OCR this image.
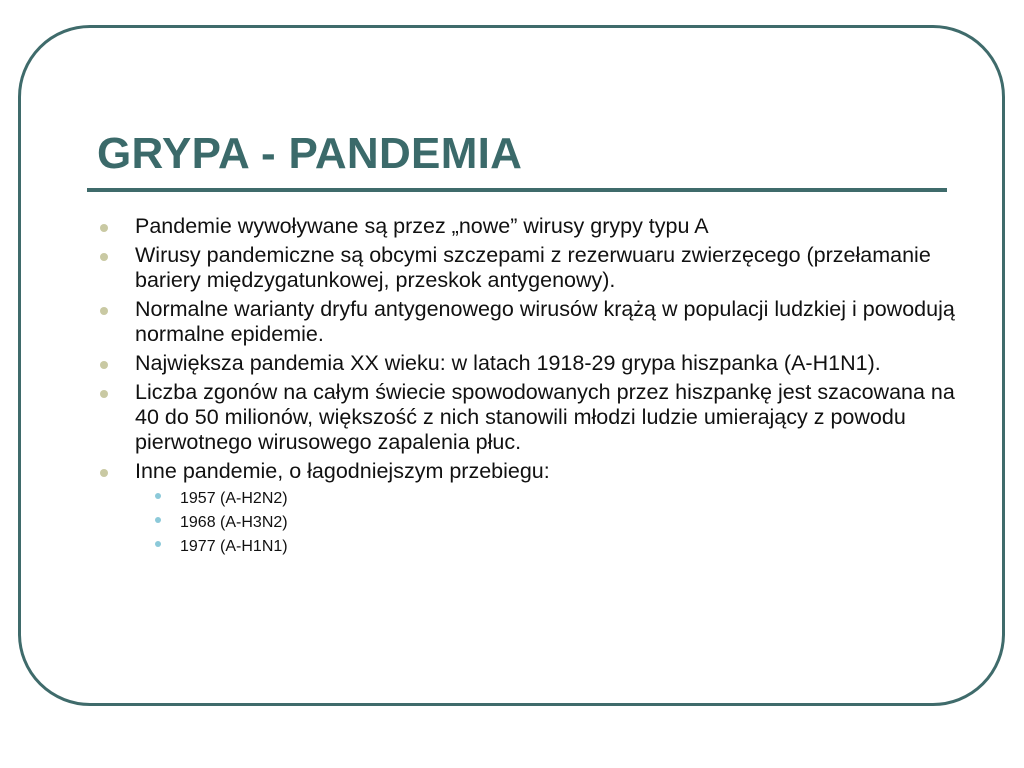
GRYPA - PANDEMIA
Pandemie wywoływane są przez „nowe” wirusy grypy typu A
Wirusy pandemiczne są obcymi szczepami z rezerwuaru zwierzęcego (przełamanie bariery międzygatunkowej, przeskok antygenowy).
Normalne warianty dryfu antygenowego wirusów krążą w populacji ludzkiej i powodują normalne epidemie.
Największa pandemia XX wieku: w latach 1918-29 grypa hiszpanka (A-H1N1).
Liczba zgonów na całym świecie spowodowanych przez hiszpankę jest szacowana na 40 do 50 milionów, większość z nich stanowili młodzi ludzie umierający z powodu pierwotnego wirusowego zapalenia płuc.
Inne pandemie, o łagodniejszym przebiegu:
1957 (A-H2N2)
1968 (A-H3N2)
1977 (A-H1N1)
